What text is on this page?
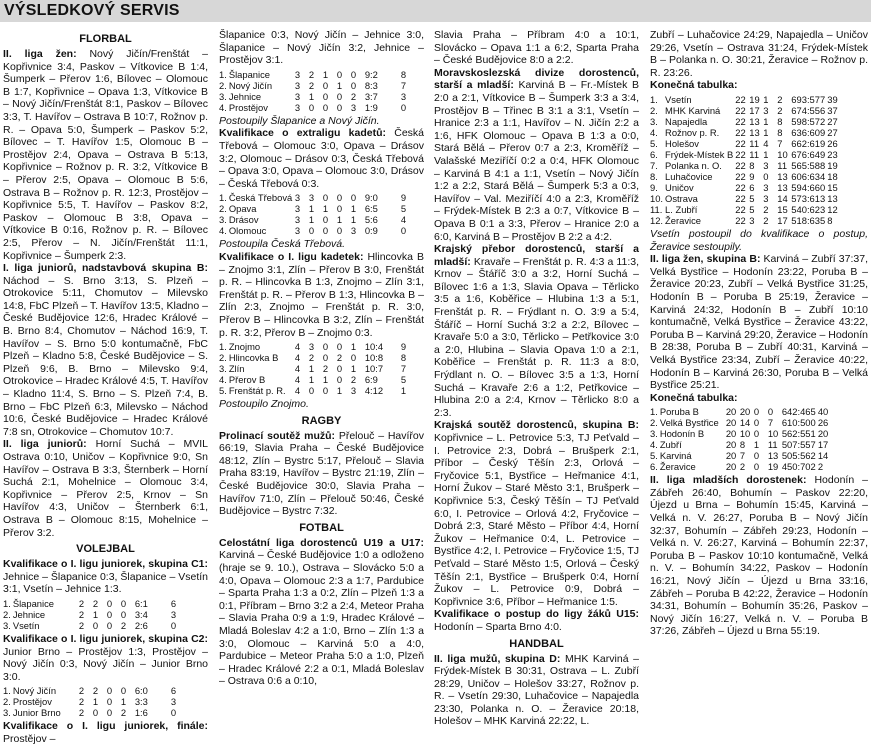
VÝSLEDKOVÝ SERVIS
FLORBAL

II. liga žen: Nový Jičín/Frenštát – Kopřivnice 3:4, Paskov – Vítkovice B 1:4, Šumperk – Přerov 1:6, Bílovec – Olomouc B 1:7, Kopřivnice – Opava 1:3, Vítkovice B – Nový Jičín/Frenštát 8:1, Paskov – Bílovec 3:3, T. Havířov – Ostrava B 10:7, Rožnov p. R. – Opava 5:0, Šumperk – Paskov 5:2, Bílovec – T. Havířov 1:5, Olomouc B – Prostějov 2:4, Opava – Ostrava B 5:13, Kopřivnice – Rožnov p. R. 3:2, Vítkovice B – Přerov 2:5, Opava – Olomouc B 5:6, Ostrava B – Rožnov p. R. 12:3, Prostějov – Kopřivnice 5:5, T. Havířov – Paskov 8:2, Paskov – Olomouc B 3:8, Opava – Vítkovice B 0:16, Rožnov p. R. – Bílovec 2:5, Přerov – N. Jičín/Frenštát 11:1, Kopřivnice – Šumperk 2:3.

I. liga juniorů, nadstavbová skupina B: Náchod – S. Brno 3:13, S. Plzeň – Otrokovice 5:11, Chomutov – Milevsko 14:8, FbC Plzeň – T. Havířov 13:5, Kladno – České Budějovice 12:6, Hradec Králové – B. Brno 8:4, Chomutov – Náchod 16:9, T. Havířov – S. Brno 5:0 kontumačně, FbC Plzeň – Kladno 5:8, České Budějovice – S. Plzeň 9:6, B. Brno – Milevsko 9:4, Otrokovice – Hradec Králové 4:5, T. Havířov – Kladno 11:4, S. Brno – S. Plzeň 7:4, B. Brno – FbC Plzeň 6:3, Milevsko – Náchod 10:6, České Budějovice – Hradec Králové 7:8 sn, Otrokovice – Chomutov 10:7.

II. liga juniorů: Horní Suchá – MVIL Ostrava 0:10, Uničov – Kopřivnice 9:0, Sn Havířov – Ostrava B 3:3, Šternberk – Horní Suchá 2:1, Mohelnice – Olomouc 3:4, Kopřivnice – Přerov 2:5, Krnov – Sn Havířov 4:3, Uničov – Šternberk 6:1, Ostrava B – Olomouc 8:15, Mohelnice – Přerov 3:2.

VOLEJBAL

Kvalifikace o I. ligu juniorek, skupina C1: Jehnice – Šlapanice 0:3, Šlapanice – Vsetín 3:1, Vsetín – Jehnice 1:3.

1.	Šlapanice	2	2	0	0	6:1	6
2.	Jehnice	2	1	0	0	3:4	3
3.	Vsetín	2	0	0	2	2:6	0

Kvalifikace o I. ligu juniorek, skupina C2: Junior Brno – Prostějov 1:3, Prostějov – Nový Jičín 0:3, Nový Jičín – Junior Brno 3:0.

1.	Nový Jičín	2	2	0	0	6:0	6
2.	Prostějov	2	1	0	1	3:3	3
3.	Junior Brno	2	0	0	2	1:6	0

Kvalifikace o I. ligu juniorek, finále: Prostějov –

Šlapanice 0:3, Nový Jičín – Jehnice 3:0, Šlapanice – Nový Jičín 3:2, Jehnice – Prostějov 3:1.

1.	Šlapanice	3	2	1	0	0	9:2	8
2.	Nový Jičín	3	2	0	1	0	8:3	7
3.	Jehnice	3	1	0	0	2	3:7	3
4.	Prostějov	3	0	0	0	3	1:9	0

Postoupily Šlapanice a Nový Jičín.

Kvalifikace o extraligu kadetů: Česká Třebová – Olomouc 3:0, Opava – Drásov 3:2, Olomouc – Drásov 0:3, Česká Třebová – Opava 3:0, Opava – Olomouc 3:0, Drásov – Česká Třebová 0:3.

1.	Česká Třebová	3	3	0	0	0	9:0	9
2.	Opava	3	1	1	0	1	6:5	5
3.	Drásov	3	1	0	1	1	5:6	4
4.	Olomouc	3	0	0	0	3	0:9	0

Postoupila Česká Třebová.

Kvalifikace o I. ligu kadetek: Hlincovka B – Znojmo 3:1, Zlín – Přerov B 3:0, Frenštát p. R. – Hlincovka B 1:3, Znojmo – Zlín 3:1, Frenštát p. R. – Přerov B 1:3, Hlincovka B – Zlín 2:3, Znojmo – Frenštát p. R. 3:0, Přerov B – Hlincovka B 3:2, Zlín – Frenštát p. R. 3:2, Přerov B – Znojmo 0:3.

1.	Znojmo	4	3	0	0	1	10:4	9
2.	Hlincovka B	4	2	0	2	0	10:8	8
3.	Zlín	4	1	2	0	1	10:7	7
4.	Přerov B	4	1	1	0	2	6:9	5
5.	Frenštát p. R.	4	0	0	1	3	4:12	1

Postoupilo Znojmo.

RAGBY

Prolinací soutěž mužů: Přelouč – Havířov 66:19, Slavia Praha – České Budějovice 48:12, Zlín – Bystrc 5:17, Přelouč – Slavia Praha 83:19, Havířov – Bystrc 21:19, Zlín – České Budějovice 30:0, Slavia Praha – Havířov 71:0, Zlín – Přelouč 50:46, České Budějovice – Bystrc 7:32.

FOTBAL

Celostátní liga dorostenců U19 a U17: Karviná – České Budějovice 1:0 a odloženo (hraje se 9. 10.), Ostrava – Slovácko 5:0 a 4:0, Opava – Olomouc 2:3 a 1:7, Pardubice – Sparta Praha 1:3 a 0:2, Zlín – Plzeň 1:3 a 0:1, Příbram – Brno 3:2 a 2:4, Meteor Praha – Slavia Praha 0:9 a 1:9, Hradec Králové – Mladá Boleslav 4:2 a 1:0, Brno – Zlín 1:3 a 3:0, Olomouc – Karviná 5:0 a 4:0, Pardubice – Meteor Praha 5:0 a 1:0, Plzeň – Hradec Králové 2:2 a 0:1, Mladá Boleslav – Ostrava 0:6 a 0:10,

Slavia Praha – Příbram 4:0 a 10:1, Slovácko – Opava 1:1 a 6:2, Sparta Praha – České Budějovice 8:0 a 2:2.

Moravskoslezská divize dorostenců, starší a mladší: Karviná B – Fr.-Místek B 2:0 a 2:1, Vítkovice B – Šumperk 3:3 a 3:4, Prostějov B – Třinec B 3:1 a 3:1, Vsetín – Hranice 2:3 a 1:1, Havířov – N. Jičín 2:2 a 1:6, HFK Olomouc – Opava B 1:3 a 0:0, Stará Bělá – Přerov 0:7 a 2:3, Kroměříž – Valašské Meziříčí 0:2 a 0:4, HFK Olomouc – Karviná B 4:1 a 1:1, Vsetín – Nový Jičín 1:2 a 2:2, Stará Bělá – Šumperk 5:3 a 0:3, Havířov – Val. Meziříčí 4:0 a 2:3, Kroměříž – Frýdek-Místek B 2:3 a 0:7, Vítkovice B – Opava B 0:1 a 3:3, Přerov – Hranice 2:0 a 6:0, Karviná B – Prostějov B 2:2 a 4:2.

Krajský přebor dorostenců, starší a mladší: Kravaře – Frenštát p. R. 4:3 a 11:3, Krnov – Štáříč 3:0 a 3:2, Horní Suchá – Bílovec 1:6 a 1:3, Slavia Opava – Těrlicko 3:5 a 1:6, Koběřice – Hlubina 1:3 a 5:1, Frenštát p. R. – Frýdlant n. O. 3:9 a 5:4, Štáříč – Horní Suchá 3:2 a 2:2, Bílovec – Kravaře 5:0 a 3:0, Těrlicko – Petřkovice 3:0 a 2:0, Hlubina – Slavia Opava 1:0 a 2:1, Koběřice – Frenštát p. R. 11:3 a 8:0, Frýdlant n. O. – Bílovec 3:5 a 1:3, Horní Suchá – Kravaře 2:6 a 1:2, Petřkovice – Hlubina 2:0 a 2:4, Krnov – Těrlicko 8:0 a 2:3.

Krajská soutěž dorostenců, skupina B: Kopřivnice – L. Petrovice 5:3, TJ Peťvald – I. Petrovice 2:3, Dobrá – Brušperk 2:1, Příbor – Český Těšín 2:3, Orlová – Fryčovice 5:1, Bystřice – Heřmanice 4:1, Horní Žukov – Staré Město 3:1, Brušperk – Kopřivnice 5:3, Český Těšín – TJ Peťvald 6:0, I. Petrovice – Orlová 4:2, Fryčovice – Dobrá 2:3, Staré Město – Příbor 4:4, Horní Žukov – Heřmanice 0:4, L. Petrovice – Bystřice 4:2, I. Petrovice – Fryčovice 1:5, TJ Peťvald – Staré Město 1:5, Orlová – Český Těšín 2:1, Bystřice – Brušperk 0:4, Horní Žukov – L. Petrovice 0:9, Dobrá – Kopřivnice 3:6, Příbor – Heřmanice 1:5.

Kvalifikace o postup do ligy žáků U15: Hodonín – Sparta Brno 4:0.

HANDBAL

II. liga mužů, skupina D: MHK Karviná – Frýdek-Místek B 30:31, Ostrava – L. Zubří 28:29, Uničov – Holešov 33:27, Rožnov p. R. – Vsetín 29:30, Luhačovice – Napajedla 23:30, Polanka n. O. – Žeravice 20:18, Holešov – MHK Karviná 22:22, L.

Zubří – Luhačovice 24:29, Napajedla – Uničov 29:26, Vsetín – Ostrava 31:24, Frýdek-Místek B – Polanka n. O. 30:21, Žeravice – Rožnov p. R. 23:26.

Konečná tabulka:

1.	Vsetín	22	19	1	2	693:577	39
2.	MHK Karviná	22	17	3	2	674:556	37
3.	Napajedla	22	13	1	8	598:572	27
4.	Rožnov p. R.	22	13	1	8	636:609	27
5.	Holešov	22	11	4	7	662:619	26
6.	Frýdek-Místek B	22	11	1	10	676:649	23
7.	Polanka n. O.	22	8	3	11	565:588	19
8.	Luhačovice	22	9	0	13	606:634	18
9.	Uničov	22	6	3	13	594:660	15
10.	Ostrava	22	5	3	14	573:613	13
11.	L. Zubří	22	5	2	15	540:623	12
12.	Žeravice	22	3	2	17	518:635	8

Vsetín postoupil do kvalifikace o postup, Žeravice sestoupily.

II. liga žen, skupina B: Karviná – Zubří 37:37, Velká Bystřice – Hodonín 23:22, Poruba B – Žeravice 20:23, Zubří – Velká Bystřice 31:25, Hodonín B – Poruba B 25:19, Žeravice – Karviná 24:32, Hodonín B – Zubří 10:10 kontumačně, Velká Bystřice – Žeravice 43:22, Poruba B – Karviná 29:20, Žeravice – Hodonín B 28:38, Poruba B – Zubří 40:31, Karviná – Velká Bystřice 23:34, Zubří – Žeravice 40:22, Hodonín B – Karviná 26:30, Poruba B – Velká Bystřice 25:21.

Konečná tabulka:

1.	Poruba B	20	20	0	0	642:465	40
2.	Velká Bystřice	20	14	0	7	610:500	26
3.	Hodonín B	20	10	0	10	562:551	20
4.	Zubří	20	8	1	11	507:557	17
5.	Karviná	20	7	0	13	505:562	14
6.	Žeravice	20	2	0	19	450:702	2

II. liga mladších dorostenek: Hodonín – Zábřeh 26:40, Bohumín – Paskov 22:20, Újezd u Brna – Bohumín 15:45, Karviná – Velká n. V. 26:27, Poruba B – Nový Jičín 32:37, Bohumín – Zábřeh 29:23, Hodonín – Velká n. V. 26:27, Karviná – Bohumín 22:37, Poruba B – Paskov 10:10 kontumačně, Velká n. V. – Bohumín 34:22, Paskov – Hodonín 16:21, Nový Jičín – Újezd u Brna 33:16, Zábřeh – Poruba B 42:22, Žeravice – Hodonín 34:31, Bohumín – Bohumín 35:26, Paskov – Nový Jičín 16:27, Velká n. V. – Poruba B 37:26, Zábřeh – Újezd u Brna 55:19.
